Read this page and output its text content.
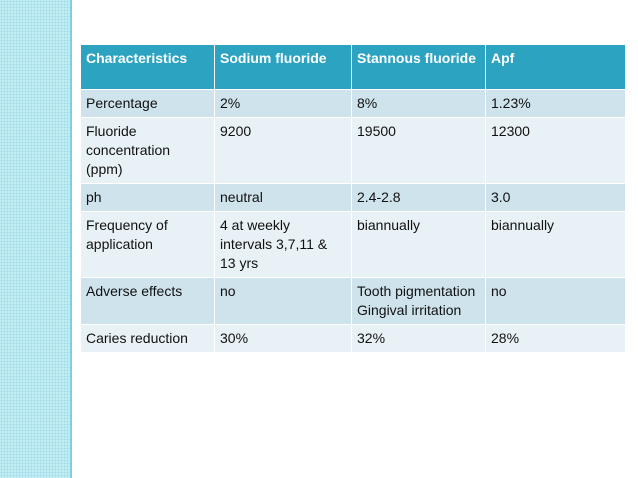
Characteristics	Sodium fluoride	Stannous fluoride	Apf
Percentage	2%	8%	1.23%
Fluoride concentration (ppm)	9200	19500	12300
ph	neutral	2.4-2.8	3.0
Frequency of application	4 at weekly intervals 3,7,11 & 13 yrs	biannually	biannually
Adverse effects	no	Tooth pigmentation Gingival irritation	no
Caries reduction	30%	32%	28%
